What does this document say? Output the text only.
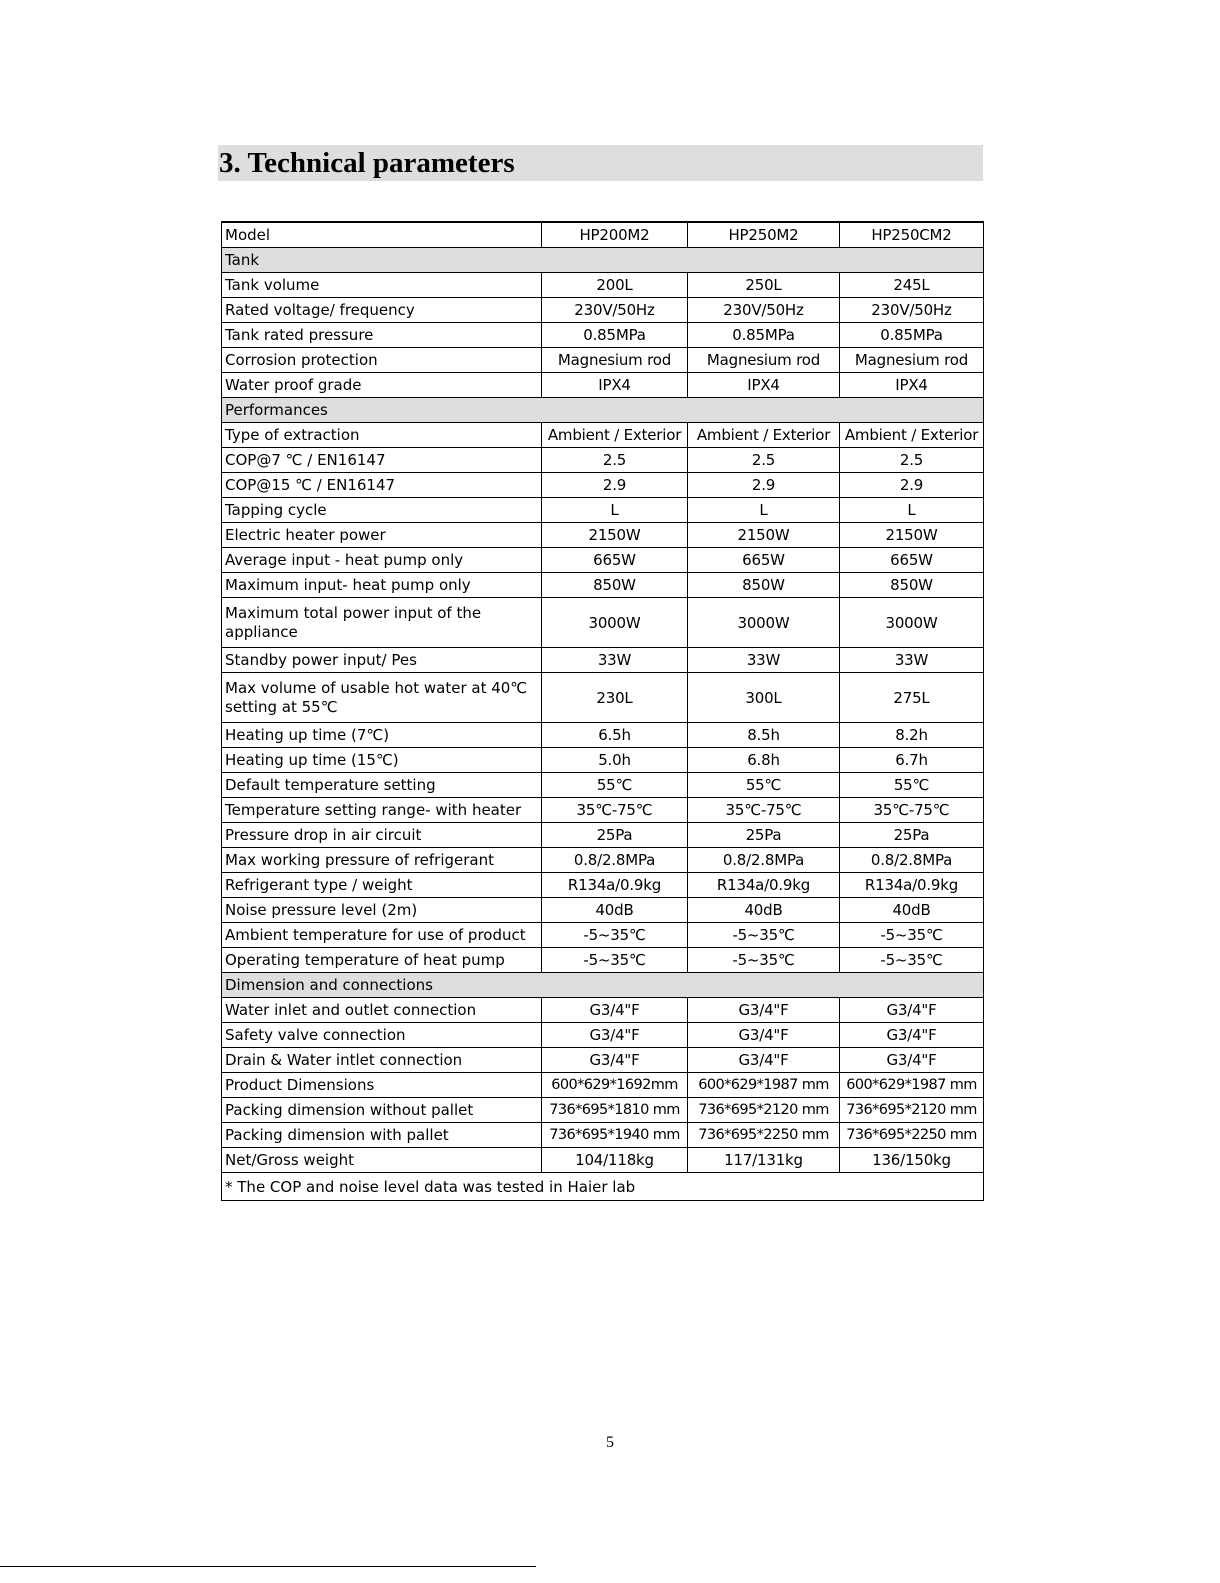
3. Technical parameters
Model	HP200M2	HP250M2	HP250CM2
Tank			
Tank volume	200L	250L	245L
Rated voltage/ frequency	230V/50Hz	230V/50Hz	230V/50Hz
Tank rated pressure	0.85MPa	0.85MPa	0.85MPa
Corrosion protection	Magnesium rod	Magnesium rod	Magnesium rod
Water proof grade	IPX4	IPX4	IPX4
Performances			
Type of extraction	Ambient / Exterior	Ambient / Exterior	Ambient / Exterior
COP@7 ℃ / EN16147	2.5	2.5	2.5
COP@15 ℃ / EN16147	2.9	2.9	2.9
Tapping cycle	L	L	L
Electric heater power	2150W	2150W	2150W
Average input - heat pump only	665W	665W	665W
Maximum input- heat pump only	850W	850W	850W
Maximum total power input of the appliance	3000W	3000W	3000W
Standby power input/ Pes	33W	33W	33W
Max volume of usable hot water at 40℃ setting at 55℃	230L	300L	275L
Heating up time (7℃)	6.5h	8.5h	8.2h
Heating up time (15℃)	5.0h	6.8h	6.7h
Default temperature setting	55℃	55℃	55℃
Temperature setting range- with heater	35℃-75℃	35℃-75℃	35℃-75℃
Pressure drop in air circuit	25Pa	25Pa	25Pa
Max working pressure of refrigerant	0.8/2.8MPa	0.8/2.8MPa	0.8/2.8MPa
Refrigerant type / weight	R134a/0.9kg	R134a/0.9kg	R134a/0.9kg
Noise pressure level (2m)	40dB	40dB	40dB
Ambient temperature for use of product	-5~35℃	-5~35℃	-5~35℃
Operating temperature of heat pump	-5~35℃	-5~35℃	-5~35℃
Dimension and connections			
Water inlet and outlet connection	G3/4"F	G3/4"F	G3/4"F
Safety valve connection	G3/4"F	G3/4"F	G3/4"F
Drain & Water intlet connection	G3/4"F	G3/4"F	G3/4"F
Product Dimensions	600*629*1692mm	600*629*1987 mm	600*629*1987 mm
Packing dimension without pallet	736*695*1810 mm	736*695*2120 mm	736*695*2120 mm
Packing dimension with pallet	736*695*1940 mm	736*695*2250 mm	736*695*2250 mm
Net/Gross weight	104/118kg	117/131kg	136/150kg
* The COP and noise level data was tested in Haier lab			
5
